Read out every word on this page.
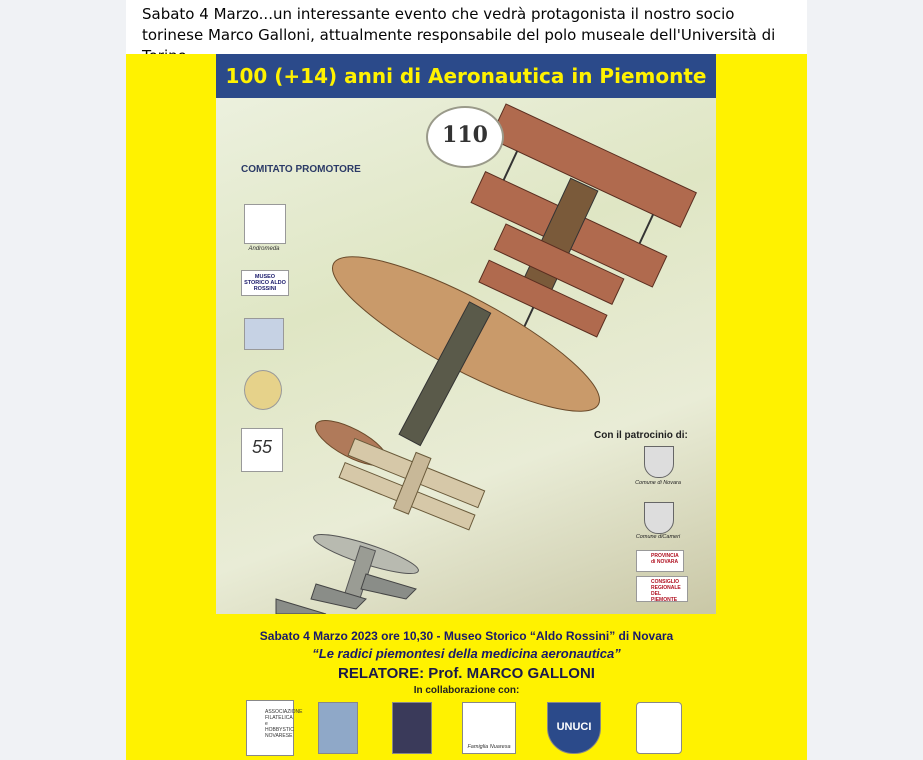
Sabato 4 Marzo...un interessante evento che vedrà protagonista il nostro socio torinese Marco Galloni, attualmente responsabile del polo museale dell'Università di
100 (+14) anni di Aeronautica in Piemonte
110
COMITATO PROMOTORE
Andromeda
MUSEO STORICO ALDO ROSSINI
55
Con il patrocinio di:
Comune di Novara
Comune diCameri
PROVINCIA di NOVARA
CONSIGLIO REGIONALE DEL PIEMONTE
Sabato 4 Marzo 2023 ore 10,30 - Museo Storico “Aldo Rossini” di Novara
“Le radici piemontesi della medicina aeronautica”
RELATORE: Prof. MARCO GALLONI
In collaborazione con:
ASSOCIAZIONE FILATELICA e HOBBYSTIC NOVARESE
Famiglia Nuaresa
UNUCI
